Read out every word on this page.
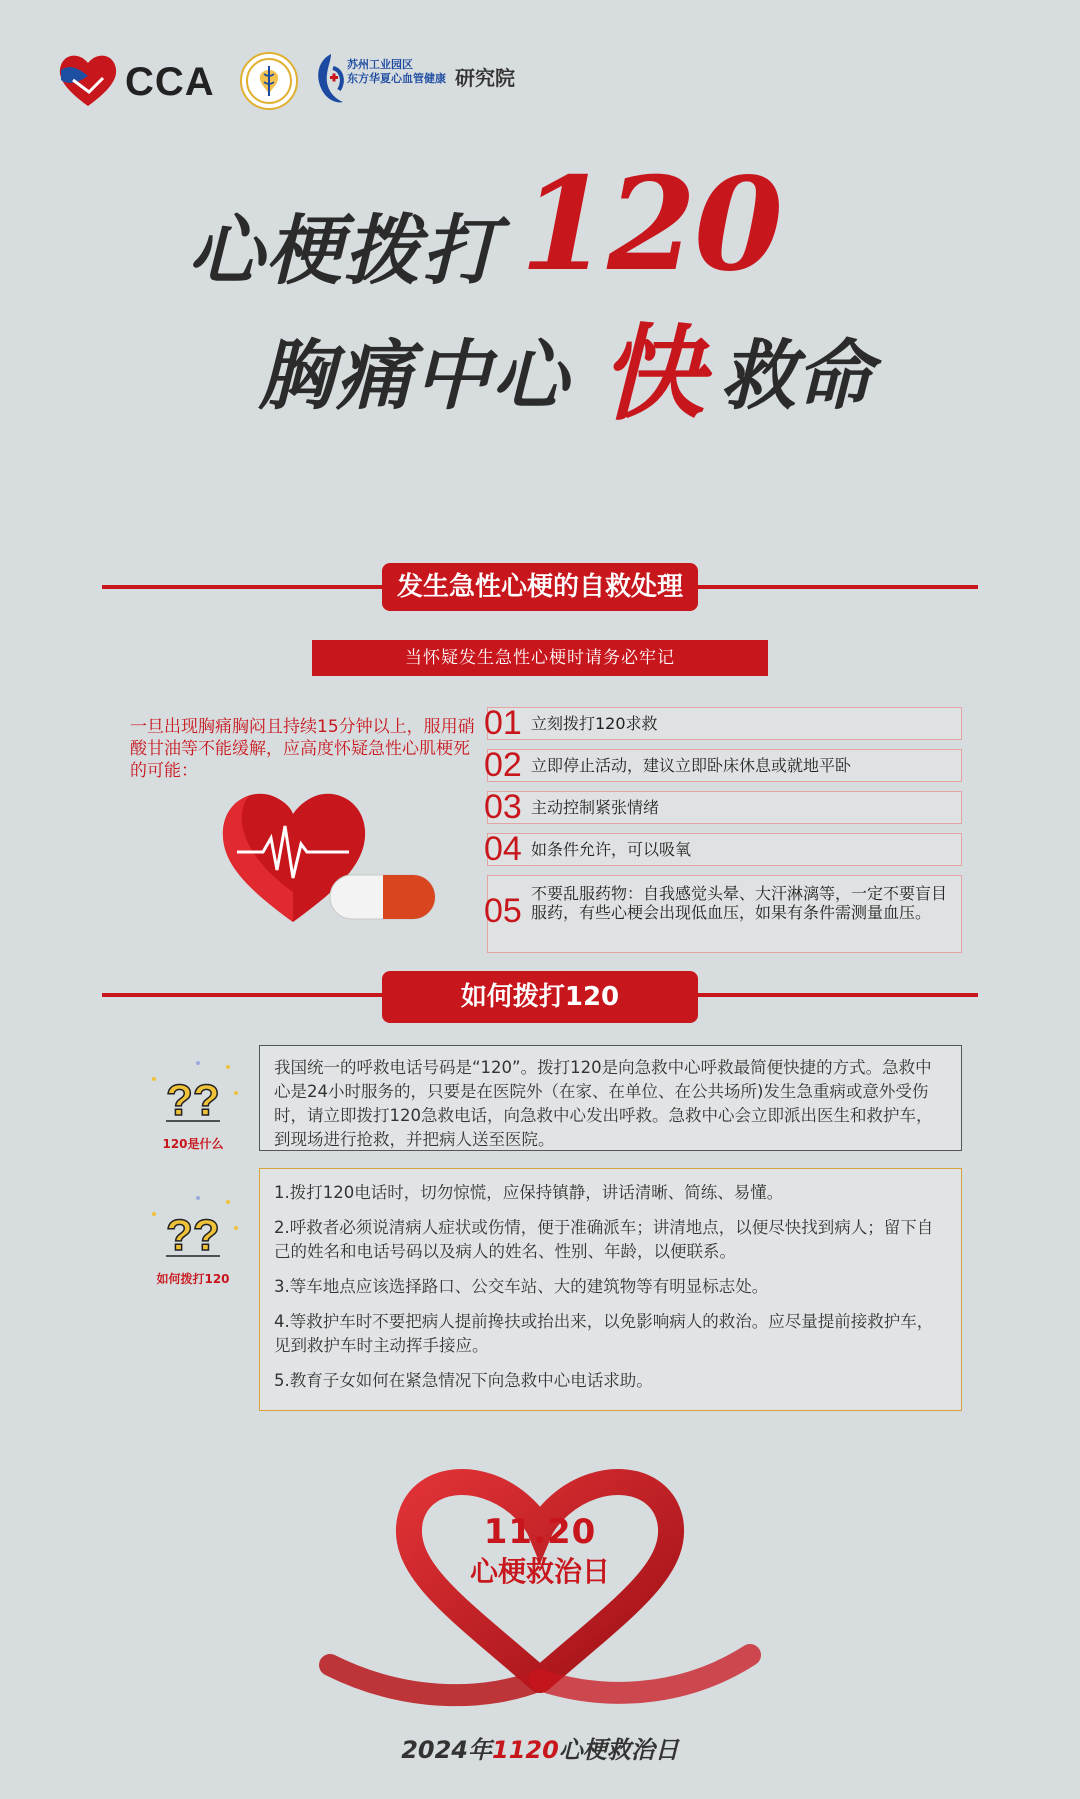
CCA	苏州工业园区
东方华夏心血管健康 研究院
心梗拨打 120
胸痛中心 快 救命
发生急性心梗的自救处理
当怀疑发生急性心梗时请务必牢记
一旦出现胸痛胸闷且持续15分钟以上，服用硝酸甘油等不能缓解，应高度怀疑急性心肌梗死的可能：
01 立刻拨打120求救
02 立即停止活动，建议立即卧床休息或就地平卧
03 主动控制紧张情绪
04 如条件允许，可以吸氧
05 不要乱服药物：自我感觉头晕、大汗淋漓等，一定不要盲目服药，有些心梗会出现低血压，如果有条件需测量血压。
如何拨打120
??
120是什么
我国统一的呼救电话号码是“120”。拨打120是向急救中心呼救最简便快捷的方式。急救中心是24小时服务的，只要是在医院外（在家、在单位、在公共场所)发生急重病或意外受伤时，请立即拨打120急救电话，向急救中心发出呼救。急救中心会立即派出医生和救护车，到现场进行抢救，并把病人送至医院。
??
如何拨打120

1.拨打120电话时，切勿惊慌，应保持镇静，讲话清晰、简练、易懂。

2.呼救者必须说清病人症状或伤情，便于准确派车；讲清地点，以便尽快找到病人；留下自己的姓名和电话号码以及病人的姓名、性别、年龄，以便联系。

3.等车地点应该选择路口、公交车站、大的建筑物等有明显标志处。

4.等救护车时不要把病人提前搀扶或抬出来，以免影响病人的救治。应尽量提前接救护车，见到救护车时主动挥手接应。

5.教育子女如何在紧急情况下向急救中心电话求助。

11.20
心梗救治日
2024年1120心梗救治日
